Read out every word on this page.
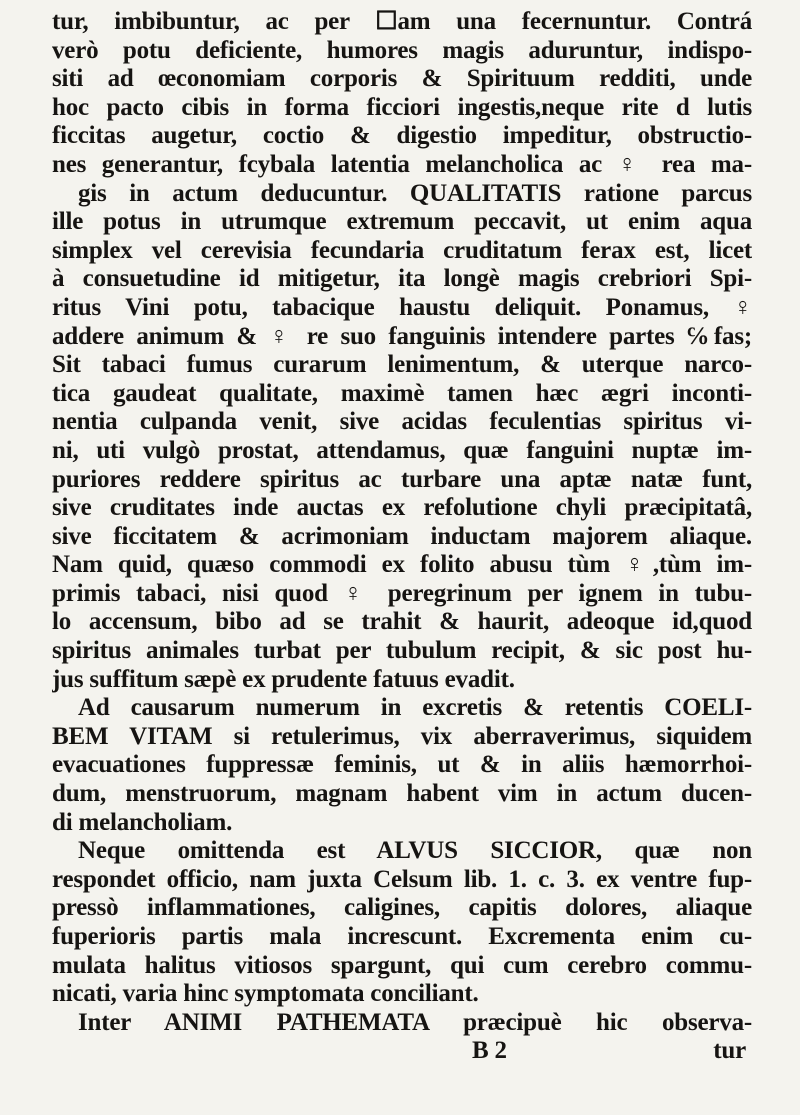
tur, imbibuntur, ac per ☐am una fecernuntur. Contrá
verò potu deficiente, humores magis aduruntur, indispo-
siti ad œconomiam corporis & Spirituum redditi, unde
hoc pacto cibis in forma ficciori ingestis,neque rite d lutis
ficcitas augetur, coctio & digestio impeditur, obstructio-
nes generantur, fcybala latentia melancholica ac ♀ rea ma-
gis in actum deducuntur. QUALITATIS ratione parcus
ille potus in utrumque extremum peccavit, ut enim aqua
simplex vel cerevisia fecundaria cruditatum ferax est, licet
à consuetudine id mitigetur, ita longè magis crebriori Spi-
ritus Vini potu, tabacique haustu deliquit. Ponamus, ♀
addere animum & ♀ re suo fanguinis intendere partes ℅fas;
Sit tabaci fumus curarum lenimentum, & uterque narco-
tica gaudeat qualitate, maximè tamen hæc ægri inconti-
nentia culpanda venit, sive acidas feculentias spiritus vi-
ni, uti vulgò prostat, attendamus, quæ fanguini nuptæ im-
puriores reddere spiritus ac turbare una aptæ natæ funt,
sive cruditates inde auctas ex refolutione chyli præcipitatâ,
sive ficcitatem & acrimoniam inductam majorem aliaque.
Nam quid, quæso commodi ex folito abusu tùm ♀,tùm im-
primis tabaci, nisi quod ♀ peregrinum per ignem in tubu-
lo accensum, bibo ad se trahit & haurit, adeoque id,quod
spiritus animales turbat per tubulum recipit, & sic post hu-
jus suffitum sæpè ex prudente fatuus evadit.
Ad causarum numerum in excretis & retentis COELI-
BEM VITAM si retulerimus, vix aberraverimus, siquidem
evacuationes fuppressæ feminis, ut & in aliis hæmorrhoi-
dum, menstruorum, magnam habent vim in actum ducen-
di melancholiam.
Neque omittenda est ALVUS SICCIOR, quæ non
respondet officio, nam juxta Celsum lib. 1. c. 3. ex ventre fup-
pressò inflammationes, caligines, capitis dolores, aliaque
fuperioris partis mala increscunt. Excrementa enim cu-
mulata halitus vitiosos spargunt, qui cum cerebro commu-
nicati, varia hinc symptomata conciliant.
Inter ANIMI PATHEMATA præcipuè hic observa-
B 2	tur
